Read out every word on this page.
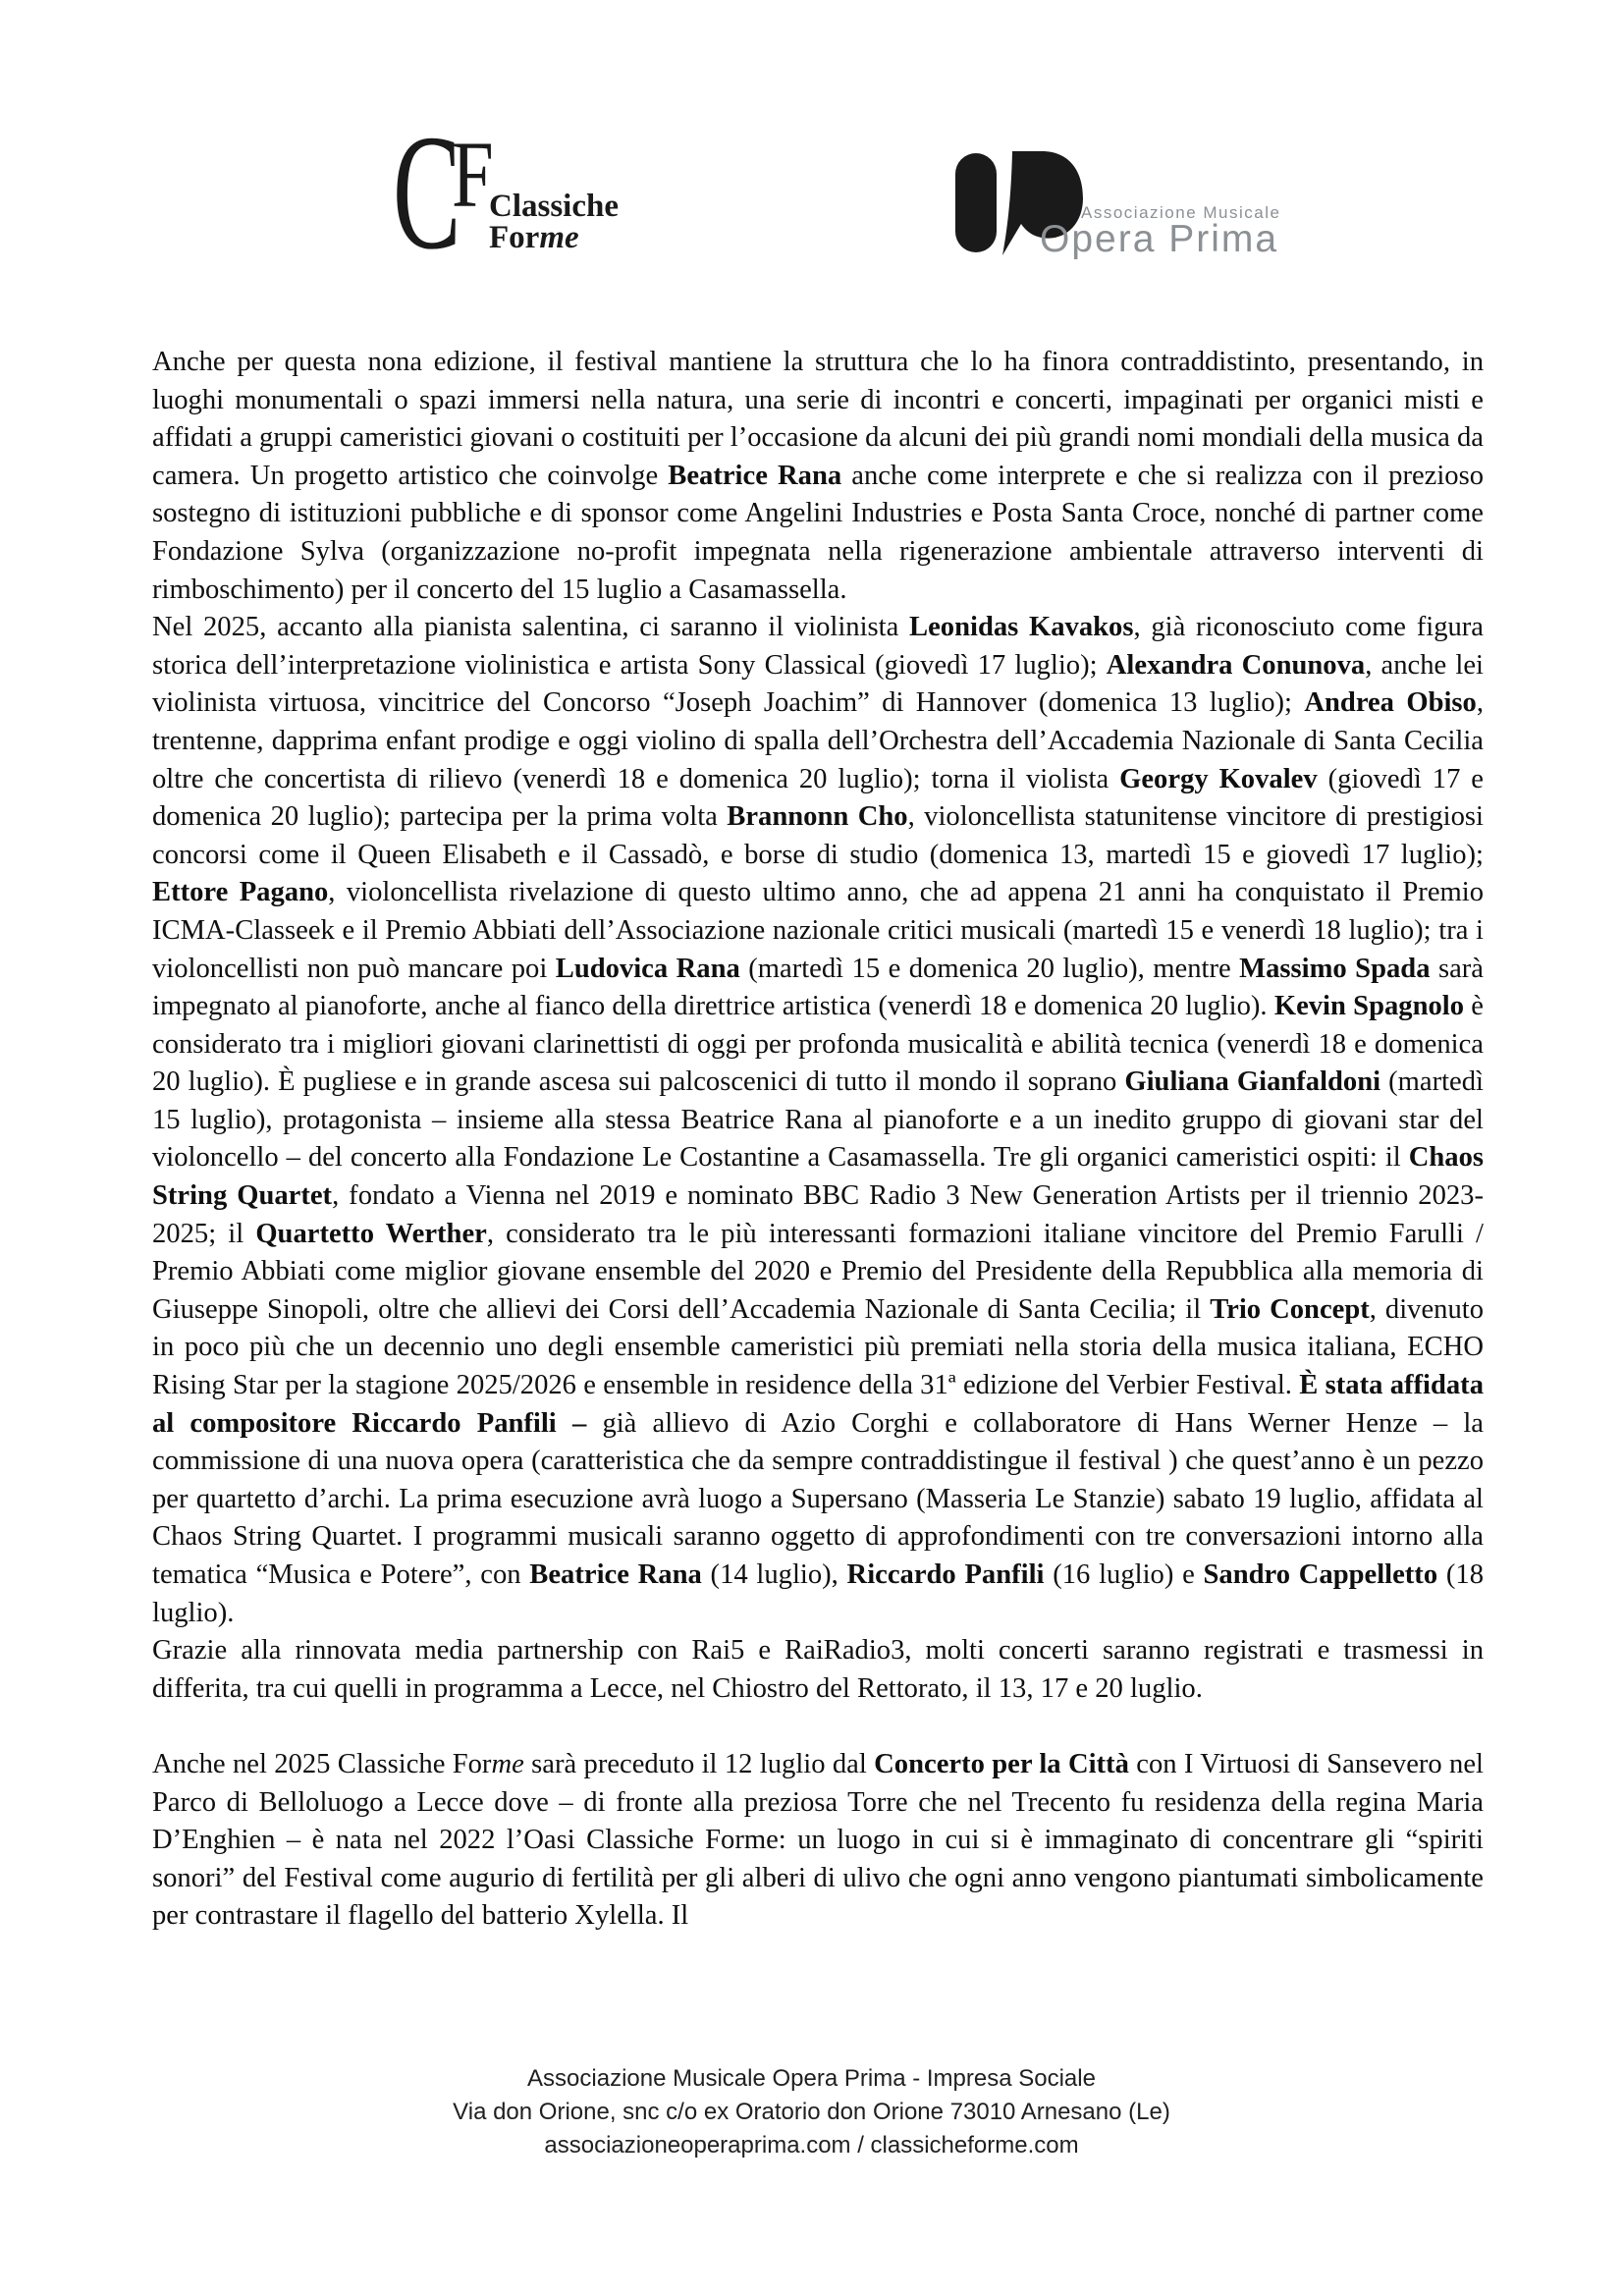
C
F
Classiche
Forme
Associazione Musicale
Opera Prima

Anche per questa nona edizione, il festival mantiene la struttura che lo ha finora contraddistinto, presentando, in luoghi monumentali o spazi immersi nella natura, una serie di incontri e concerti, impaginati per organici misti e affidati a gruppi cameristici giovani o costituiti per l’occasione da alcuni dei più grandi nomi mondiali della musica da camera. Un progetto artistico che coinvolge Beatrice Rana anche come interprete e che si realizza con il prezioso sostegno di istituzioni pubbliche e di sponsor come Angelini Industries e Posta Santa Croce, nonché di partner come Fondazione Sylva (organizzazione no-profit impegnata nella rigenerazione ambientale attraverso interventi di rimboschimento) per il concerto del 15 luglio a Casamassella.

Nel 2025, accanto alla pianista salentina, ci saranno il violinista Leonidas Kavakos, già riconosciuto come figura storica dell’interpretazione violinistica e artista Sony Classical (giovedì 17 luglio); Alexandra Conunova, anche lei violinista virtuosa, vincitrice del Concorso “Joseph Joachim” di Hannover (domenica 13 luglio); Andrea Obiso, trentenne, dapprima enfant prodige e oggi violino di spalla dell’Orchestra dell’Accademia Nazionale di Santa Cecilia oltre che concertista di rilievo (venerdì 18 e domenica 20 luglio); torna il violista Georgy Kovalev (giovedì 17 e domenica 20 luglio); partecipa per la prima volta Brannonn Cho, violoncellista statunitense vincitore di prestigiosi concorsi come il Queen Elisabeth e il Cassadò, e borse di studio (domenica 13, martedì 15 e giovedì 17 luglio); Ettore Pagano, violoncellista rivelazione di questo ultimo anno, che ad appena 21 anni ha conquistato il Premio ICMA-Classeek e il Premio Abbiati dell’Associazione nazionale critici musicali (martedì 15 e venerdì 18 luglio); tra i violoncellisti non può mancare poi Ludovica Rana (martedì 15 e domenica 20 luglio), mentre Massimo Spada sarà impegnato al pianoforte, anche al fianco della direttrice artistica (venerdì 18 e domenica 20 luglio). Kevin Spagnolo è considerato tra i migliori giovani clarinettisti di oggi per profonda musicalità e abilità tecnica (venerdì 18 e domenica 20 luglio). È pugliese e in grande ascesa sui palcoscenici di tutto il mondo il soprano Giuliana Gianfaldoni (martedì 15 luglio), protagonista – insieme alla stessa Beatrice Rana al pianoforte e a un inedito gruppo di giovani star del violoncello – del concerto alla Fondazione Le Costantine a Casamassella. Tre gli organici cameristici ospiti: il Chaos String Quartet, fondato a Vienna nel 2019 e nominato BBC Radio 3 New Generation Artists per il triennio 2023-2025; il Quartetto Werther, considerato tra le più interessanti formazioni italiane vincitore del Premio Farulli / Premio Abbiati come miglior giovane ensemble del 2020 e Premio del Presidente della Repubblica alla memoria di Giuseppe Sinopoli, oltre che allievi dei Corsi dell’Accademia Nazionale di Santa Cecilia; il Trio Concept, divenuto in poco più che un decennio uno degli ensemble cameristici più premiati nella storia della musica italiana, ECHO Rising Star per la stagione 2025/2026 e ensemble in residence della 31ª edizione del Verbier Festival. È stata affidata al compositore Riccardo Panfili – già allievo di Azio Corghi e collaboratore di Hans Werner Henze – la commissione di una nuova opera (caratteristica che da sempre contraddistingue il festival ) che quest’anno è un pezzo per quartetto d’archi. La prima esecuzione avrà luogo a Supersano (Masseria Le Stanzie) sabato 19 luglio, affidata al Chaos String Quartet. I programmi musicali saranno oggetto di approfondimenti con tre conversazioni intorno alla tematica “Musica e Potere”, con Beatrice Rana (14 luglio), Riccardo Panfili (16 luglio) e Sandro Cappelletto (18 luglio).

Grazie alla rinnovata media partnership con Rai5 e RaiRadio3, molti concerti saranno registrati e trasmessi in differita, tra cui quelli in programma a Lecce, nel Chiostro del Rettorato, il 13, 17 e 20 luglio.

Anche nel 2025 Classiche Forme sarà preceduto il 12 luglio dal Concerto per la Città con I Virtuosi di Sansevero nel Parco di Belloluogo a Lecce dove – di fronte alla preziosa Torre che nel Trecento fu residenza della regina Maria D’Enghien – è nata nel 2022 l’Oasi Classiche Forme: un luogo in cui si è immaginato di concentrare gli “spiriti sonori” del Festival come augurio di fertilità per gli alberi di ulivo che ogni anno vengono piantumati simbolicamente per contrastare il flagello del batterio Xylella. Il

Associazione Musicale Opera Prima - Impresa Sociale
Via don Orione, snc c/o ex Oratorio don Orione 73010 Arnesano (Le)
associazioneoperaprima.com / classicheforme.com
